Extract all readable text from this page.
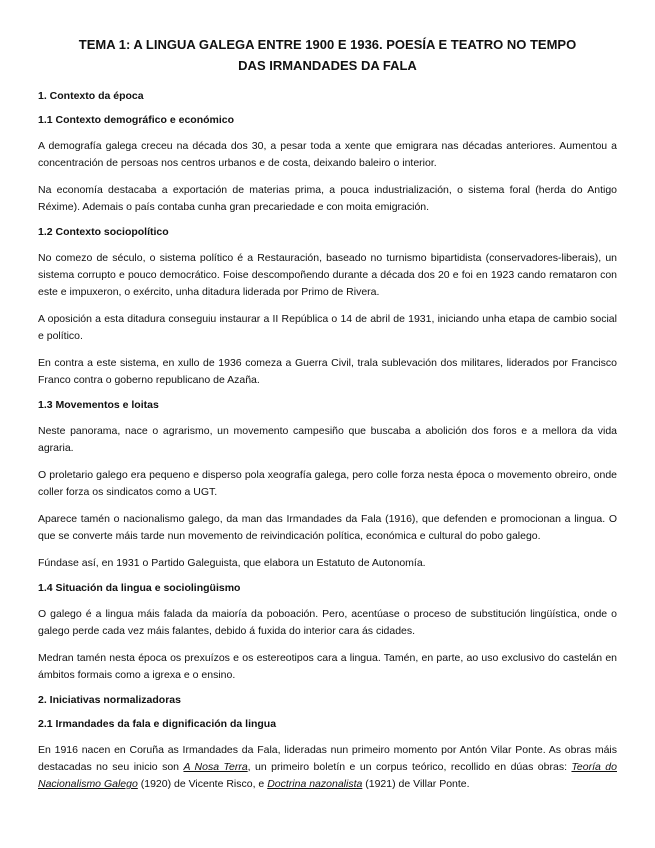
TEMA 1: A LINGUA GALEGA ENTRE 1900 E 1936. POESÍA E TEATRO NO TEMPO DAS IRMANDADES DA FALA
1. Contexto da época
1.1 Contexto demográfico e económico

A demografía galega creceu na década dos 30, a pesar toda a xente que emigrara nas décadas anteriores. Aumentou a concentración de persoas nos centros urbanos e de costa, deixando baleiro o interior.

Na economía destacaba a exportación de materias prima, a pouca industrialización, o sistema foral (herda do Antigo Réxime). Ademais o país contaba cunha gran precariedade e con moita emigración.

1.2 Contexto sociopolítico

No comezo de século, o sistema político é a Restauración, baseado no turnismo bipartidista (conservadores-liberais), un sistema corrupto e pouco democrático. Foise descompoñendo durante a década dos 20 e foi en 1923 cando remataron con este e impuxeron, o exército, unha ditadura liderada por Primo de Rivera.

A oposición a esta ditadura conseguiu instaurar a II República o 14 de abril de 1931, iniciando unha etapa de cambio social e político.

En contra a este sistema, en xullo de 1936 comeza a Guerra Civil, trala sublevación dos militares, liderados por Francisco Franco contra o goberno republicano de Azaña.

1.3 Movementos e loitas

Neste panorama, nace o agrarismo, un movemento campesiño que buscaba a abolición dos foros e a mellora da vida agraria.

O proletario galego era pequeno e disperso pola xeografía galega, pero colle forza nesta época o movemento obreiro, onde coller forza os sindicatos como a UGT.

Aparece tamén o nacionalismo galego, da man das Irmandades da Fala (1916), que defenden e promocionan a lingua. O que se converte máis tarde nun movemento de reivindicación política, económica e cultural do pobo galego.

Fúndase así, en 1931 o Partido Galeguista, que elabora un Estatuto de Autonomía.

1.4 Situación da lingua e sociolingüismo

O galego é a lingua máis falada da maioría da poboación. Pero, acentúase o proceso de substitución lingüística, onde o galego perde cada vez máis falantes, debido á fuxida do interior cara ás cidades.

Medran tamén nesta época os prexuízos e os estereotipos cara a lingua. Tamén, en parte, ao uso exclusivo do castelán en ámbitos formais como a igrexa e o ensino.

2. Iniciativas normalizadoras
2.1 Irmandades da fala e dignificación da lingua

En 1916 nacen en Coruña as Irmandades da Fala, lideradas nun primeiro momento por Antón Vilar Ponte. As obras máis destacadas no seu inicio son A Nosa Terra, un primeiro boletín e un corpus teórico, recollido en dúas obras: Teoría do Nacionalismo Galego (1920) de Vicente Risco, e Doctrina nazonalista (1921) de Villar Ponte.
